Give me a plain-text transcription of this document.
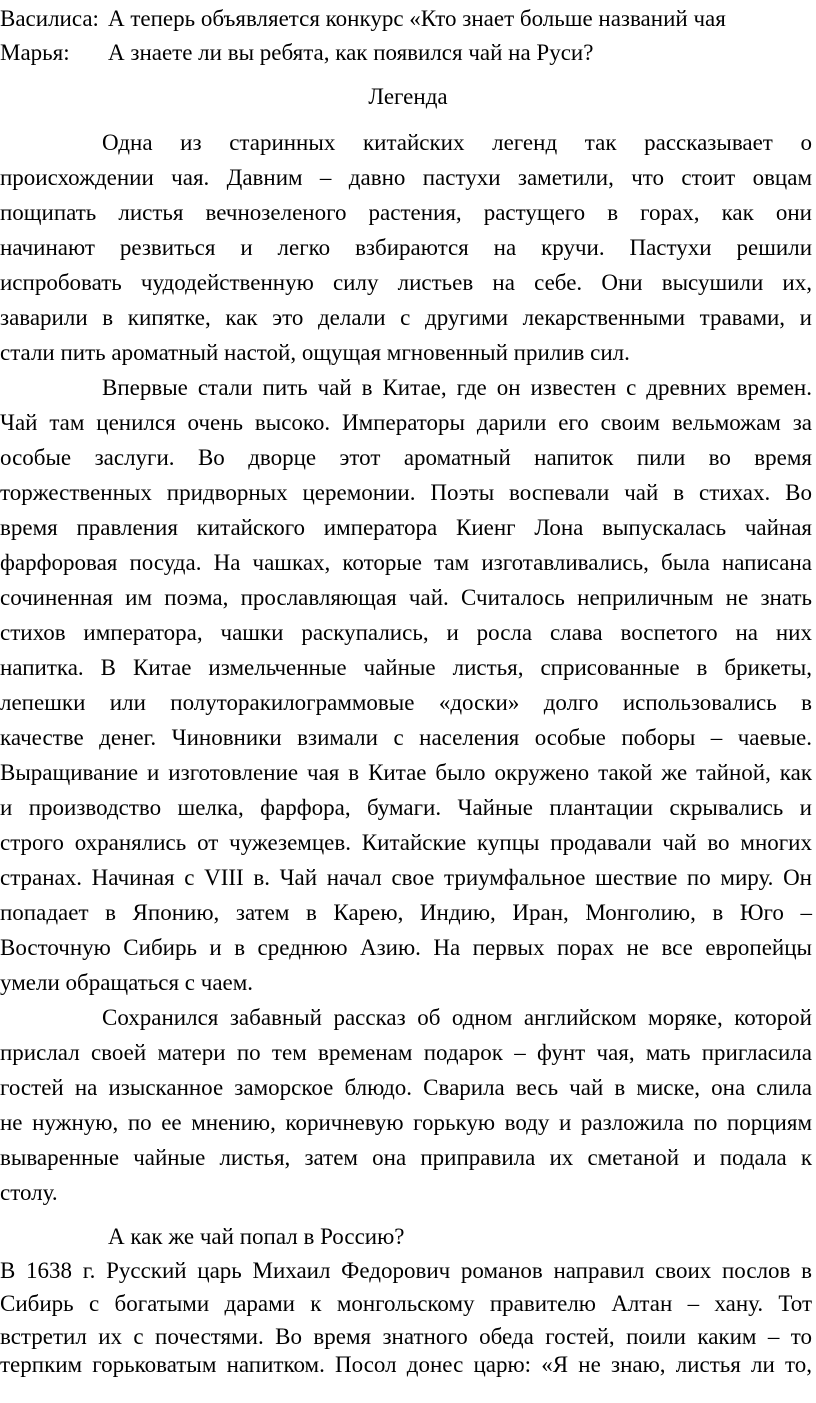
Василиса: А теперь объявляется конкурс «Кто знает больше названий чая
Марья: А знаете ли вы ребята, как появился чай на Руси?
Легенда
Одна из старинных китайских легенд так рассказывает о
происхождении чая. Давним – давно пастухи заметили, что стоит овцам
пощипать листья вечнозеленого растения, растущего в горах, как они
начинают резвиться и легко взбираются на кручи. Пастухи решили
испробовать чудодейственную силу листьев на себе. Они высушили их,
заварили в кипятке, как это делали с другими лекарственными травами, и
стали пить ароматный настой, ощущая мгновенный прилив сил.
Впервые стали пить чай в Китае, где он известен с древних времен.
Чай там ценился очень высоко. Императоры дарили его своим вельможам за
особые заслуги. Во дворце этот ароматный напиток пили во время
торжественных придворных церемонии. Поэты воспевали чай в стихах. Во
время правления китайского императора Киенг Лона выпускалась чайная
фарфоровая посуда. На чашках, которые там изготавливались, была написана
сочиненная им поэма, прославляющая чай. Считалось неприличным не знать
стихов императора, чашки раскупались, и росла слава воспетого на них
напитка. В Китае измельченные чайные листья, сприсованные в брикеты,
лепешки или полуторакилограммовые «доски» долго использовались в
качестве денег. Чиновники взимали с населения особые поборы – чаевые.
Выращивание и изготовление чая в Китае было окружено такой же тайной, как
и производство шелка, фарфора, бумаги. Чайные плантации скрывались и
строго охранялись от чужеземцев. Китайские купцы продавали чай во многих
странах. Начиная с VIII в. Чай начал свое триумфальное шествие по миру. Он
попадает в Японию, затем в Карею, Индию, Иран, Монголию, в Юго –
Восточную Сибирь и в среднюю Азию. На первых порах не все европейцы
умели обращаться с чаем.
Сохранился забавный рассказ об одном английском моряке, которой
прислал своей матери по тем временам подарок – фунт чая, мать пригласила
гостей на изысканное заморское блюдо. Сварила весь чай в миске, она слила
не нужную, по ее мнению, коричневую горькую воду и разложила по порциям
вываренные чайные листья, затем она приправила их сметаной и подала к
столу.
А как же чай попал в Россию?
В 1638 г. Русский царь Михаил Федорович романов направил своих послов в
Сибирь с богатыми дарами к монгольскому правителю Алтан – хану. Тот
встретил их с почестями. Во время знатного обеда гостей, поили каким – то
терпким горьковатым напитком. Посол донес царю: «Я не знаю, листья ли то,
